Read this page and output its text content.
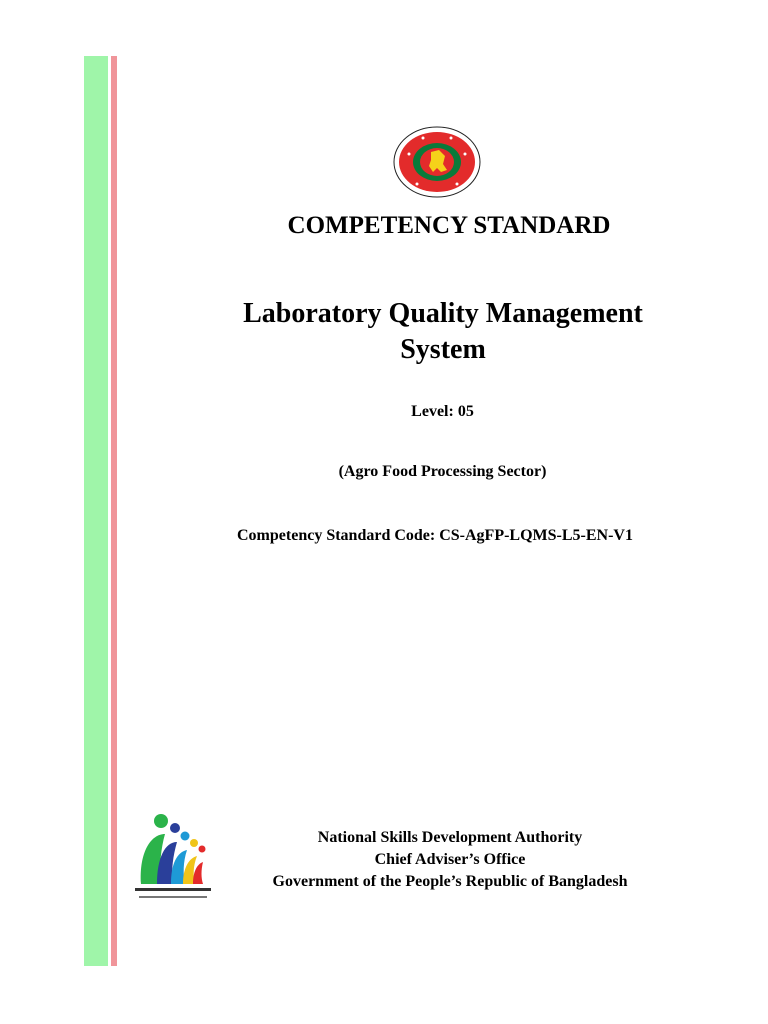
COMPETENCY STANDARD
Laboratory Quality Management
System
Level: 05
(Agro Food Processing Sector)
Competency Standard Code: CS-AgFP-LQMS-L5-EN-V1
National Skills Development Authority
Chief Adviser’s Office
Government of the People’s Republic of Bangladesh
